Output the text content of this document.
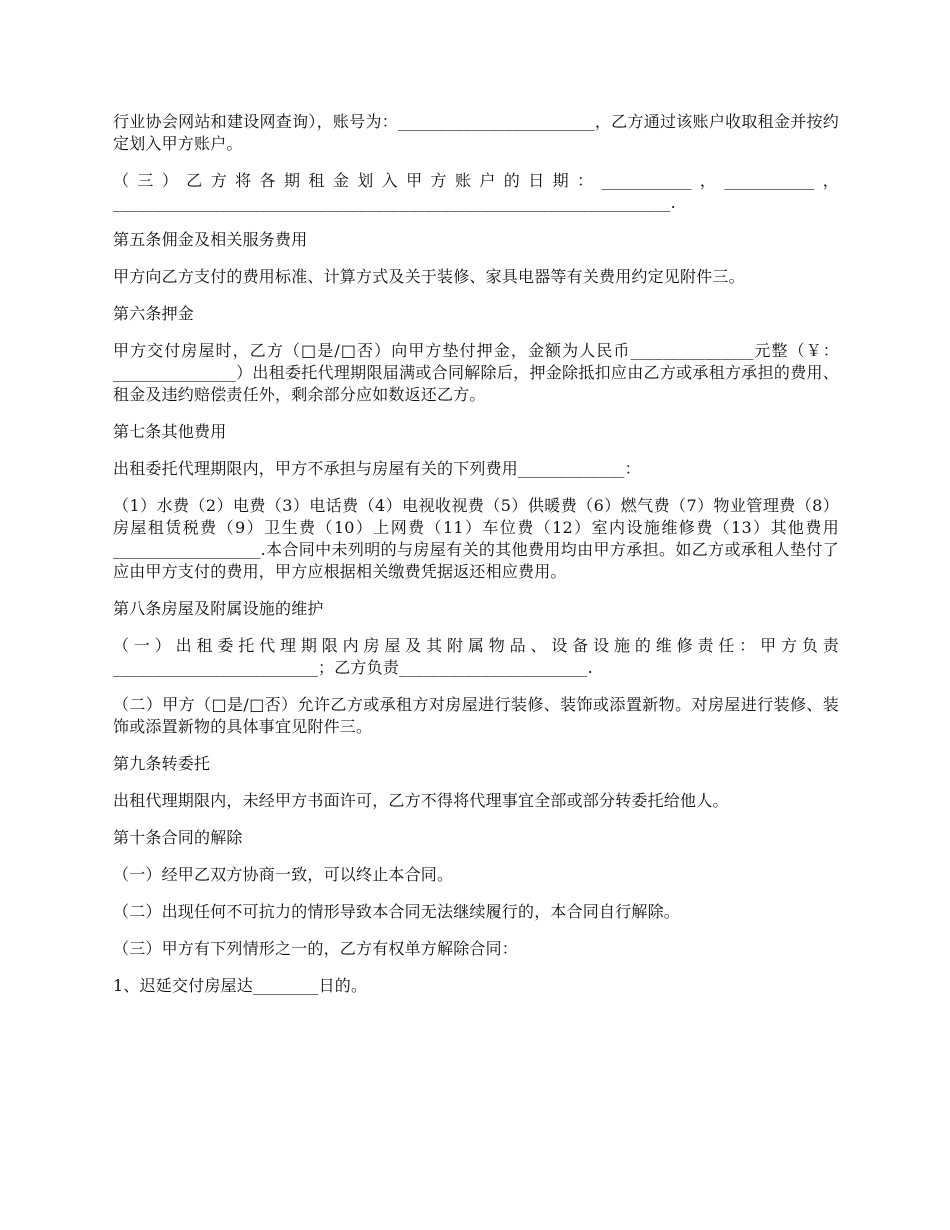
行业协会网站和建设网查询），账号为：________________________，乙方通过该账户收取租金并按约定划入甲方账户。

（三）乙方将各期租金划入甲方账户的日期：___________，___________，____________________________________________________________________.

第五条佣金及相关服务费用

甲方向乙方支付的费用标准、计算方式及关于装修、家具电器等有关费用约定见附件三。

第六条押金

甲方交付房屋时，乙方（□是/□否）向甲方垫付押金，金额为人民币_______________元整（￥：_______________）出租委托代理期限届满或合同解除后，押金除抵扣应由乙方或承租方承担的费用、租金及违约赔偿责任外，剩余部分应如数返还乙方。

第七条其他费用

出租委托代理期限内，甲方不承担与房屋有关的下列费用_____________：

（1）水费（2）电费（3）电话费（4）电视收视费（5）供暖费（6）燃气费（7）物业管理费（8）房屋租赁税费（9）卫生费（10）上网费（11）车位费（12）室内设施维修费（13）其他费用__________________.本合同中未列明的与房屋有关的其他费用均由甲方承担。如乙方或承租人垫付了应由甲方支付的费用，甲方应根据相关缴费凭据返还相应费用。

第八条房屋及附属设施的维护

（一）出租委托代理期限内房屋及其附属物品、设备设施的维修责任：甲方负责_________________________；乙方负责_______________________.

（二）甲方（□是/□否）允许乙方或承租方对房屋进行装修、装饰或添置新物。对房屋进行装修、装饰或添置新物的具体事宜见附件三。

第九条转委托

出租代理期限内，未经甲方书面许可，乙方不得将代理事宜全部或部分转委托给他人。

第十条合同的解除

（一）经甲乙双方协商一致，可以终止本合同。

（二）出现任何不可抗力的情形导致本合同无法继续履行的，本合同自行解除。

（三）甲方有下列情形之一的，乙方有权单方解除合同：

1、迟延交付房屋达________日的。
